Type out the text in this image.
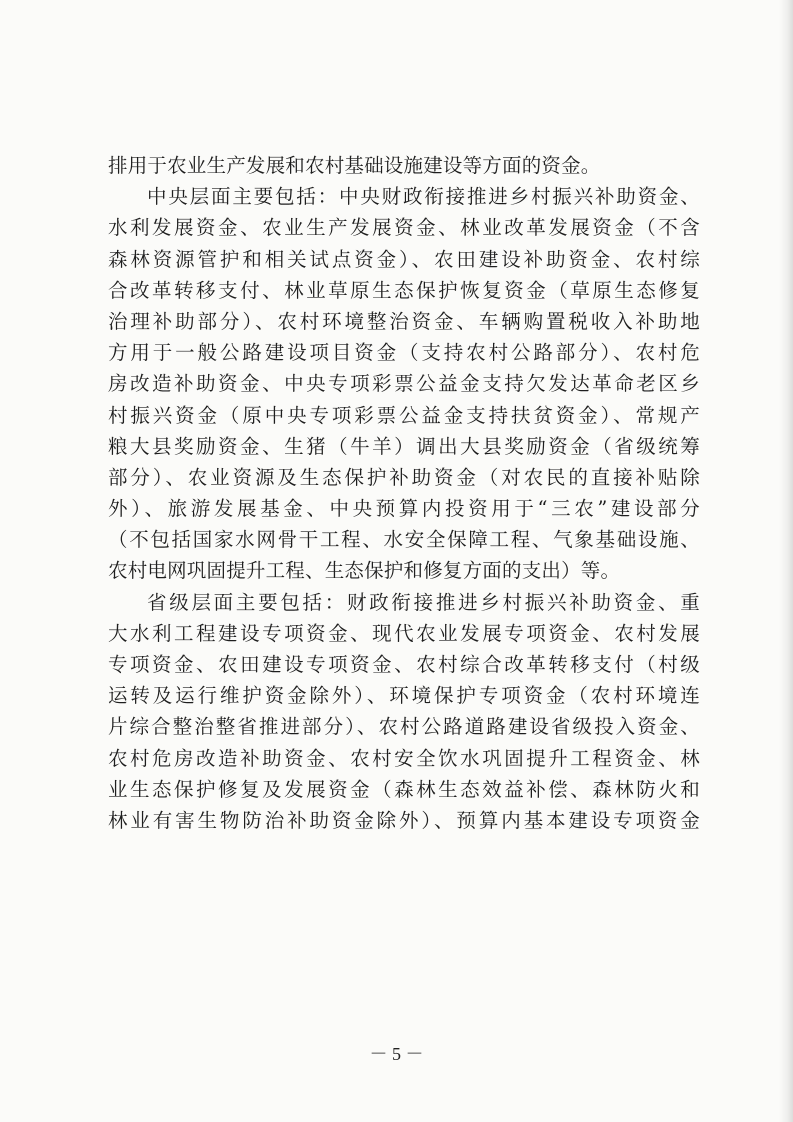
排用于农业生产发展和农村基础设施建设等方面的资金。
中央层面主要包括：中央财政衔接推进乡村振兴补助资金、
水利发展资金、农业生产发展资金、林业改革发展资金（不含
森林资源管护和相关试点资金）、农田建设补助资金、农村综
合改革转移支付、林业草原生态保护恢复资金（草原生态修复
治理补助部分）、农村环境整治资金、车辆购置税收入补助地
方用于一般公路建设项目资金（支持农村公路部分）、农村危
房改造补助资金、中央专项彩票公益金支持欠发达革命老区乡
村振兴资金（原中央专项彩票公益金支持扶贫资金）、常规产
粮大县奖励资金、生猪（牛羊）调出大县奖励资金（省级统筹
部分）、农业资源及生态保护补助资金（对农民的直接补贴除
外）、旅游发展基金、中央预算内投资用于“三农”建设部分
（不包括国家水网骨干工程、水安全保障工程、气象基础设施、
农村电网巩固提升工程、生态保护和修复方面的支出）等。
省级层面主要包括：财政衔接推进乡村振兴补助资金、重
大水利工程建设专项资金、现代农业发展专项资金、农村发展
专项资金、农田建设专项资金、农村综合改革转移支付（村级
运转及运行维护资金除外）、环境保护专项资金（农村环境连
片综合整治整省推进部分）、农村公路道路建设省级投入资金、
农村危房改造补助资金、农村安全饮水巩固提升工程资金、林
业生态保护修复及发展资金（森林生态效益补偿、森林防火和
林业有害生物防治补助资金除外）、预算内基本建设专项资金
－ 5 －
